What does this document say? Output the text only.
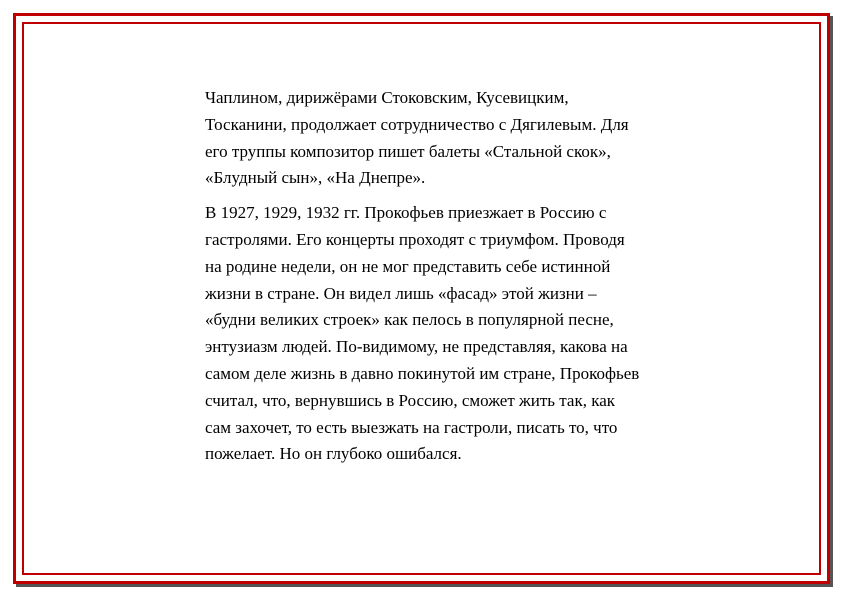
Чаплином, дирижёрами Стоковским, Кусевицким,
Тосканини, продолжает сотрудничество с Дягилевым. Для
его труппы композитор пишет балеты «Стальной скок»,
«Блудный сын», «На Днепре».

В 1927, 1929, 1932 гг. Прокофьев приезжает в Россию с
гастролями. Его концерты проходят с триумфом. Проводя
на родине недели, он не мог представить себе истинной
жизни в стране. Он видел лишь «фасад» этой жизни –
«будни великих строек» как пелось в популярной песне,
энтузиазм людей. По-видимому, не представляя, какова на
самом деле жизнь в давно покинутой им стране, Прокофьев
считал, что, вернувшись в Россию, сможет жить так, как
сам захочет, то есть выезжать на гастроли, писать то, что
пожелает. Но он глубоко ошибался.
